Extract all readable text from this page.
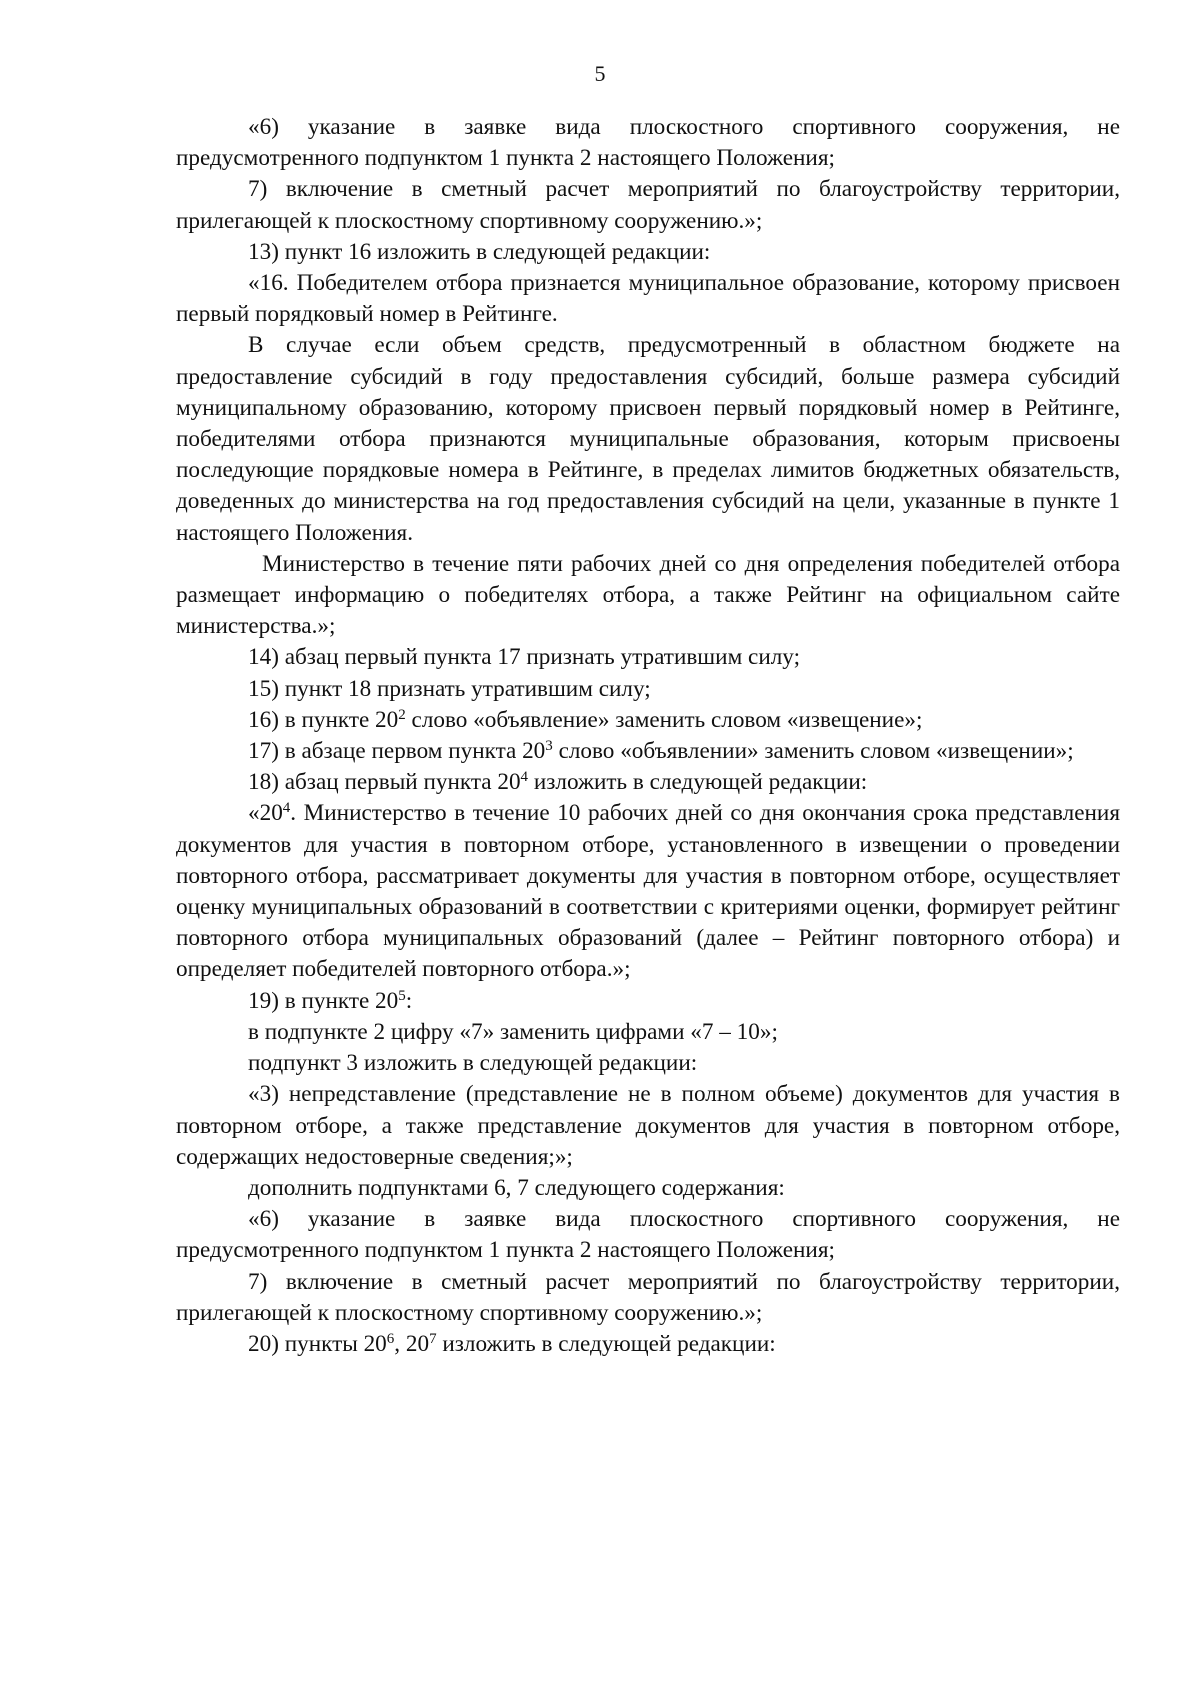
5

«6) указание в заявке вида плоскостного спортивного сооружения, не предусмотренного подпунктом 1 пункта 2 настоящего Положения;

7) включение в сметный расчет мероприятий по благоустройству территории, прилегающей к плоскостному спортивному сооружению.»;

13) пункт 16 изложить в следующей редакции:

«16. Победителем отбора признается муниципальное образование, которому присвоен первый порядковый номер в Рейтинге.

В случае если объем средств, предусмотренный в областном бюджете на предоставление субсидий в году предоставления субсидий, больше размера субсидий муниципальному образованию, которому присвоен первый порядковый номер в Рейтинге, победителями отбора признаются муниципальные образования, которым присвоены последующие порядковые номера в Рейтинге, в пределах лимитов бюджетных обязательств, доведенных до министерства на год предоставления субсидий на цели, указанные в пункте 1 настоящего Положения.

Министерство в течение пяти рабочих дней со дня определения победителей отбора размещает информацию о победителях отбора, а также Рейтинг на официальном сайте министерства.»;

14) абзац первый пункта 17 признать утратившим силу;

15) пункт 18 признать утратившим силу;

16) в пункте $20^2$ слово «объявление» заменить словом «извещение»;

17) в абзаце первом пункта $20^3$ слово «объявлении» заменить словом «извещении»;

18) абзац первый пункта $20^4$ изложить в следующей редакции:

«$20^4$. Министерство в течение 10 рабочих дней со дня окончания срока представления документов для участия в повторном отборе, установленного в извещении о проведении повторного отбора, рассматривает документы для участия в повторном отборе, осуществляет оценку муниципальных образований в соответствии с критериями оценки, формирует рейтинг повторного отбора муниципальных образований (далее – Рейтинг повторного отбора) и определяет победителей повторного отбора.»;

19) в пункте $20^5$:

в подпункте 2 цифру «7» заменить цифрами «7 – 10»;

подпункт 3 изложить в следующей редакции:

«3) непредставление (представление не в полном объеме) документов для участия в повторном отборе, а также представление документов для участия в повторном отборе, содержащих недостоверные сведения;»;

дополнить подпунктами 6, 7 следующего содержания:

«6) указание в заявке вида плоскостного спортивного сооружения, не предусмотренного подпунктом 1 пункта 2 настоящего Положения;

7) включение в сметный расчет мероприятий по благоустройству территории, прилегающей к плоскостному спортивному сооружению.»;

20) пункты $20^6$, $20^7$ изложить в следующей редакции:
